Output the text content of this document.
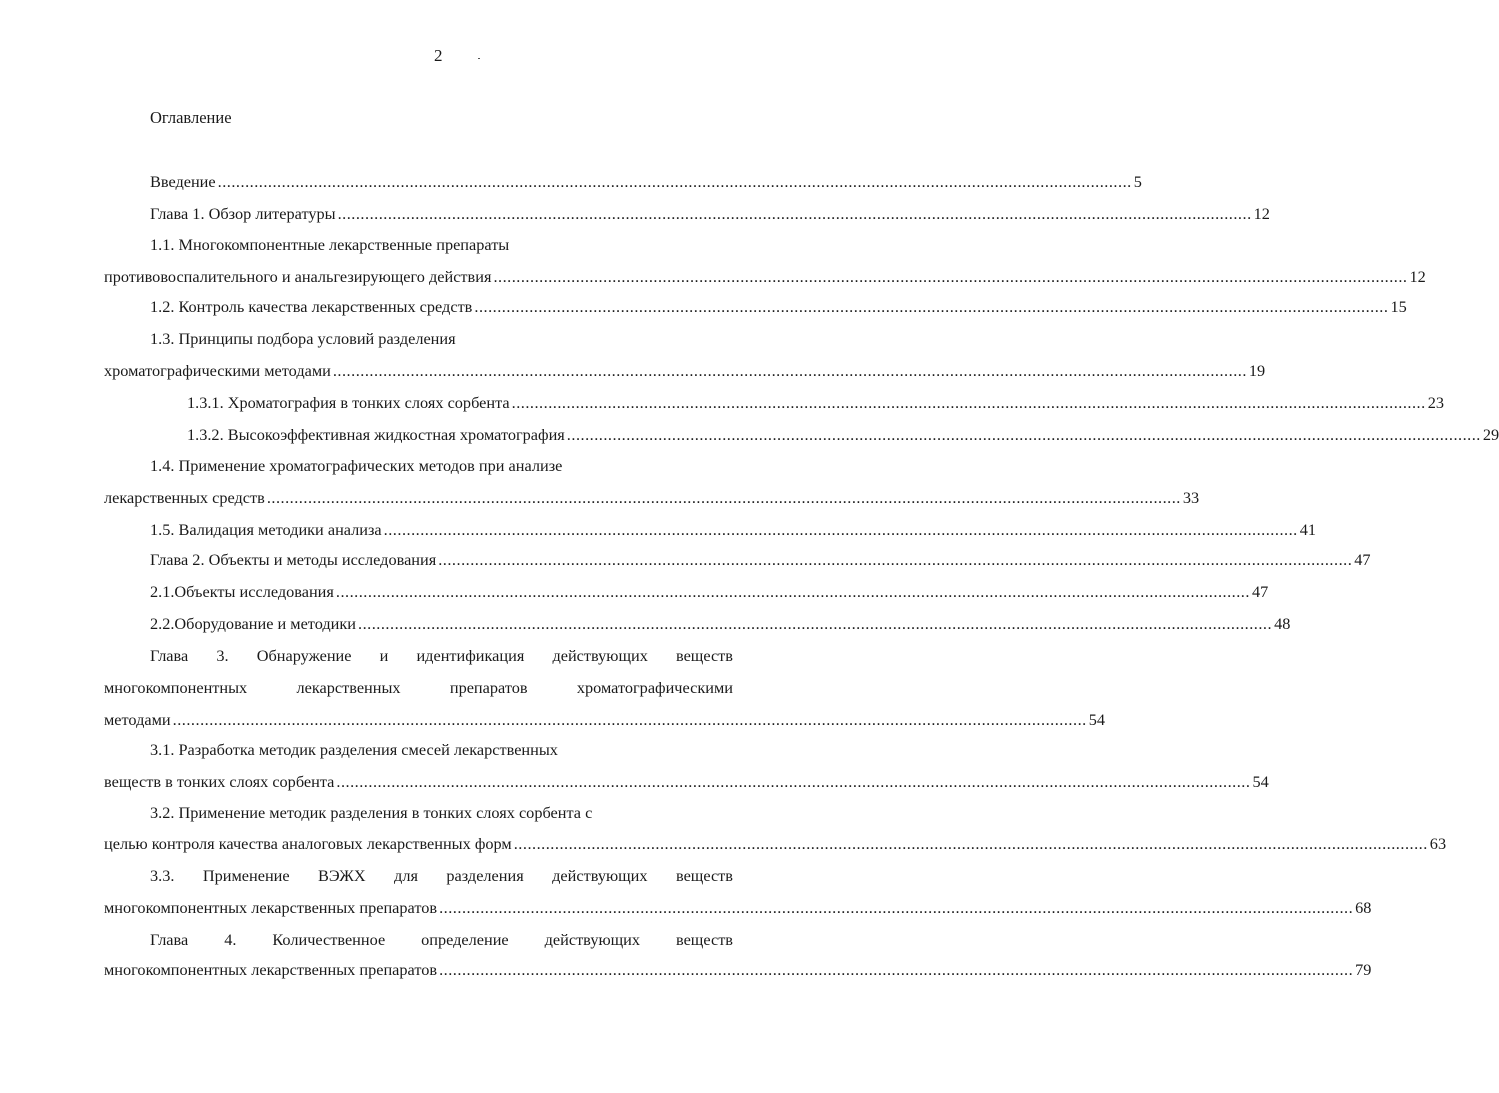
2
Оглавление
Введение ........................................................................................................................................................................................................ 5
Глава 1. Обзор литературы ........................................................................................................................................................................................................ 12
1.1. Многокомпонентные лекарственные препараты
противовоспалительного и анальгезирующего действия ........................................................................................................................................................................................................ 12
1.2. Контроль качества лекарственных средств ........................................................................................................................................................................................................ 15
1.3. Принципы подбора условий разделения
хроматографическими методами ........................................................................................................................................................................................................ 19
1.3.1. Хроматография в тонких слоях сорбента ........................................................................................................................................................................................................ 23
1.3.2. Высокоэффективная жидкостная хроматография ........................................................................................................................................................................................................ 29
1.4. Применение хроматографических методов при анализе
лекарственных средств ........................................................................................................................................................................................................ 33
1.5. Валидация методики анализа ........................................................................................................................................................................................................ 41
Глава 2. Объекты и методы исследования ........................................................................................................................................................................................................ 47
2.1.Объекты исследования ........................................................................................................................................................................................................ 47
2.2.Оборудование и методики ........................................................................................................................................................................................................ 48
Глава 3. Обнаружение и идентификация действующих веществ
многокомпонентных лекарственных препаратов хроматографическими
методами ........................................................................................................................................................................................................ 54
3.1. Разработка методик разделения смесей лекарственных
веществ в тонких слоях сорбента ........................................................................................................................................................................................................ 54
3.2. Применение методик разделения в тонких слоях сорбента с
целью контроля качества аналоговых лекарственных форм ........................................................................................................................................................................................................ 63
3.3. Применение ВЭЖХ для разделения действующих веществ
многокомпонентных лекарственных препаратов ........................................................................................................................................................................................................ 68
Глава 4. Количественное определение действующих веществ
многокомпонентных лекарственных препаратов ........................................................................................................................................................................................................ 79
